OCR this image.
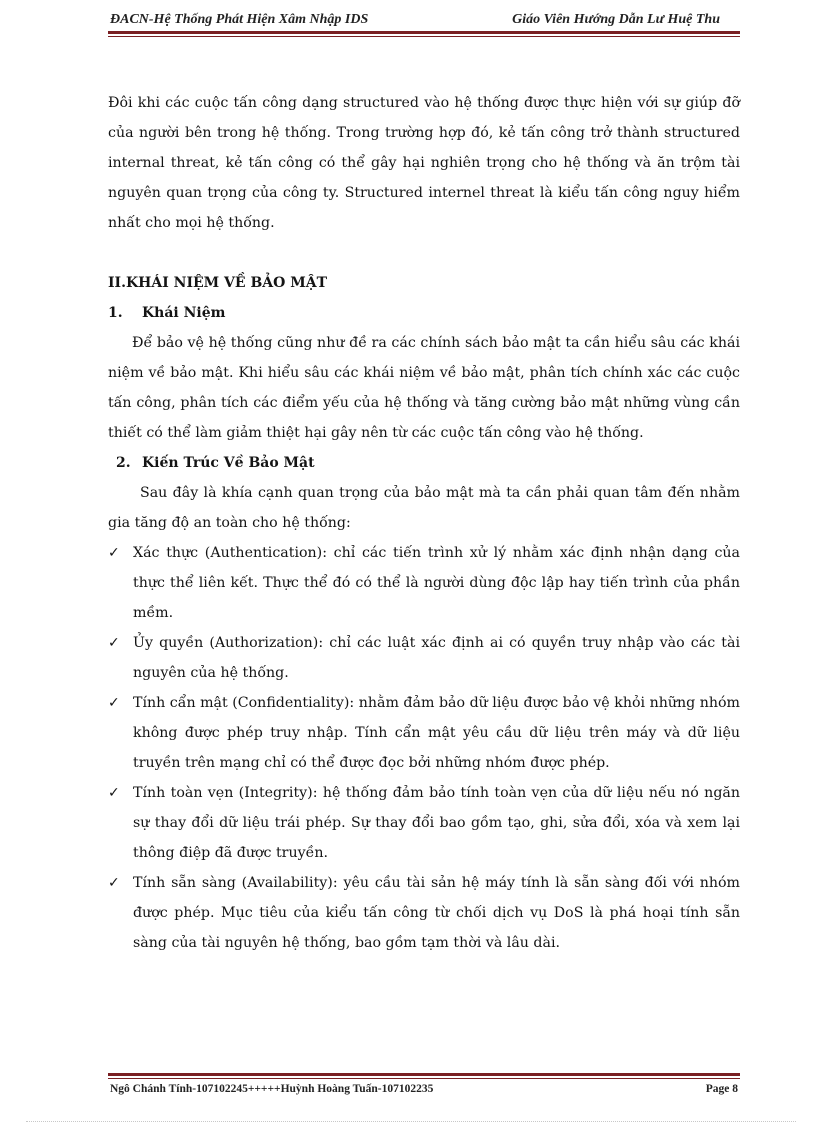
ĐACN-Hệ Thống Phát Hiện Xâm Nhập IDS	Giáo Viên Hướng Dẫn Lư Huệ Thu

Đôi khi các cuộc tấn công dạng structured vào hệ thống được thực hiện với sự giúp đỡ của người bên trong hệ thống. Trong trường hợp đó, kẻ tấn công trở thành structured internal threat, kẻ tấn công có thể gây hại nghiên trọng cho hệ thống và ăn trộm tài nguyên quan trọng của công ty. Structured internel threat là kiểu tấn công nguy hiểm nhất cho mọi hệ thống.

II.KHÁI NIỆM VỀ BẢO MẬT

1.	Khái Niệm

Để bảo vệ hệ thống cũng như đề ra các chính sách bảo mật ta cần hiểu sâu các khái niệm về bảo mật. Khi hiểu sâu các khái niệm về bảo mật, phân tích chính xác các cuộc tấn công, phân tích các điểm yếu của hệ thống và tăng cường bảo mật những vùng cần thiết có thể làm giảm thiệt hại gây nên từ các cuộc tấn công vào hệ thống.

2. Kiến Trúc Về Bảo Mật

Sau đây là khía cạnh quan trọng của bảo mật mà ta cần phải quan tâm đến nhằm gia tăng độ an toàn cho hệ thống:

✓ Xác thực (Authentication): chỉ các tiến trình xử lý nhằm xác định nhận dạng của thực thể liên kết. Thực thể đó có thể là người dùng độc lập hay tiến trình của phần mềm.
✓ Ủy quyền (Authorization): chỉ các luật xác định ai có quyền truy nhập vào các tài nguyên của hệ thống.
✓ Tính cẩn mật (Confidentiality): nhằm đảm bảo dữ liệu được bảo vệ khỏi những nhóm không được phép truy nhập. Tính cẩn mật yêu cầu dữ liệu trên máy và dữ liệu truyền trên mạng chỉ có thể được đọc bởi những nhóm được phép.
✓ Tính toàn vẹn (Integrity): hệ thống đảm bảo tính toàn vẹn của dữ liệu nếu nó ngăn sự thay đổi dữ liệu trái phép. Sự thay đổi bao gồm tạo, ghi, sửa đổi, xóa và xem lại thông điệp đã được truyền.
✓ Tính sẵn sàng (Availability): yêu cầu tài sản hệ máy tính là sẵn sàng đối với nhóm được phép. Mục tiêu của kiểu tấn công từ chối dịch vụ DoS là phá hoại tính sẵn sàng của tài nguyên hệ thống, bao gồm tạm thời và lâu dài.
Ngô Chánh Tính-107102245+++++Huỳnh Hoàng Tuấn-107102235	Page 8
